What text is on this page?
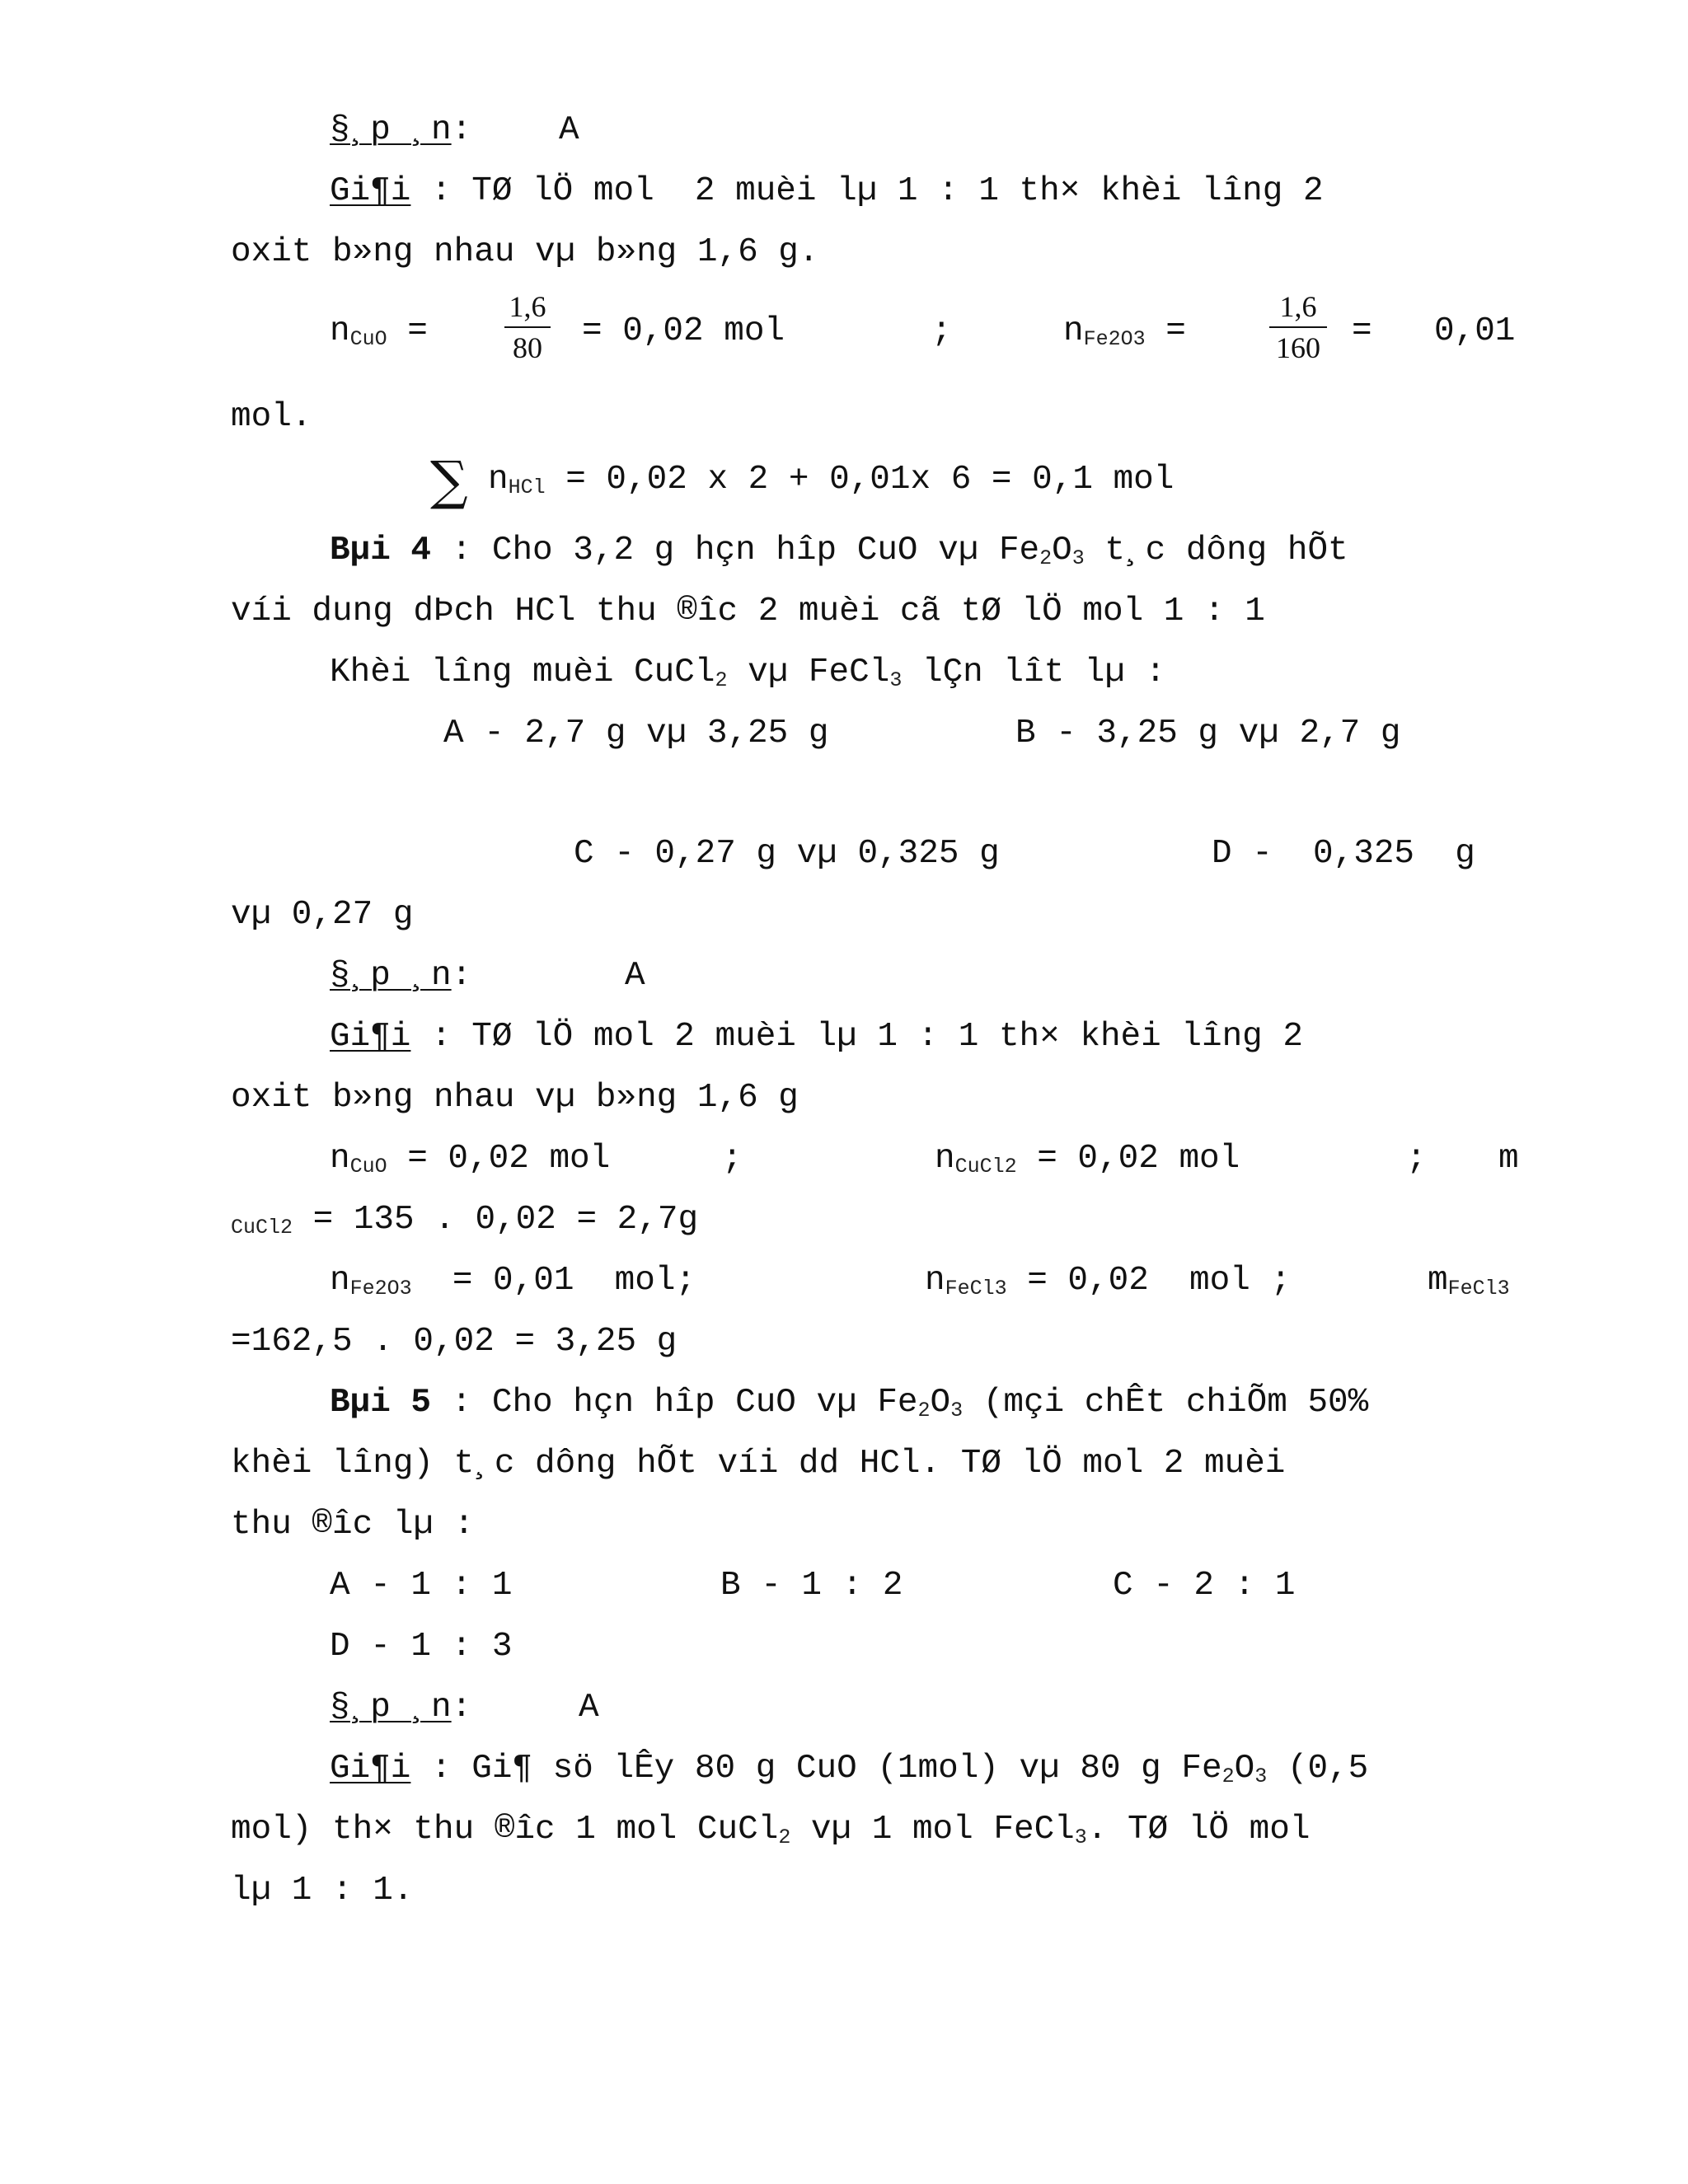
§¸p ¸n:	A
Gi¶i : TØ lÖ mol  2 muèi lµ 1 : 1 th× khèi lîng 2
oxit b»ng nhau vµ b»ng 1,6 g.
$n_{CuO}$ =
1,6
80 = 0,02 mol	;	$n_{Fe2O3}$ =
1,6
160 = 0,01
mol.
∑ $n_{HCl} = 0,02$ x 2 + 0,01x 6 = 0,1 mol
Bµi 4 : Cho 3,2 g hçn hîp CuO vµ $Fe_2O_3$ t¸c dông hÕt
víi dung dÞch HCl thu ®îc 2 muèi cã tØ lÖ mol 1 : 1
Khèi lîng muèi CuCl$_2$ vµ FeCl$_3$ lÇn lît lµ :
A - 2,7 g vµ 3,25 g	B - 3,25 g vµ 2,7 g
C - 0,27 g vµ 0,325 g	D -  0,325  g
vµ 0,27 g
§¸p ¸n:	A
Gi¶i : TØ lÖ mol 2 muèi lµ 1 : 1 th× khèi lîng 2
oxit b»ng nhau vµ b»ng 1,6 g
$n_{CuO} = 0,02$ mol	;	$n_{CuCl2} = 0,02$ mol	; m
$_{CuCl2}$ = 135 . 0,02 = 2,7g
$n_{Fe2O3} = 0,01$  mol;	$n_{FeCl3} = 0,02$  mol ;	$m_{FeCl3}$
=162,5 . 0,02 = 3,25 g
Bµi 5 : Cho hçn hîp CuO vµ $Fe_2O_3$ (mçi chÊt chiÕm 50%
khèi lîng) t¸c dông hÕt víi dd HCl. TØ lÖ mol 2 muèi
thu ®îc lµ :
A - 1 : 1	B - 1 : 2	C - 2 : 1
D - 1 : 3
§¸p ¸n:	A
Gi¶i : Gi¶ sö lÊy 80 g CuO (1mol) vµ 80 g $Fe_2O_3$ (0,5
mol) th× thu ®îc 1 mol CuCl$_2$ vµ 1 mol FeCl$_3$. TØ lÖ mol
lµ 1 : 1.
